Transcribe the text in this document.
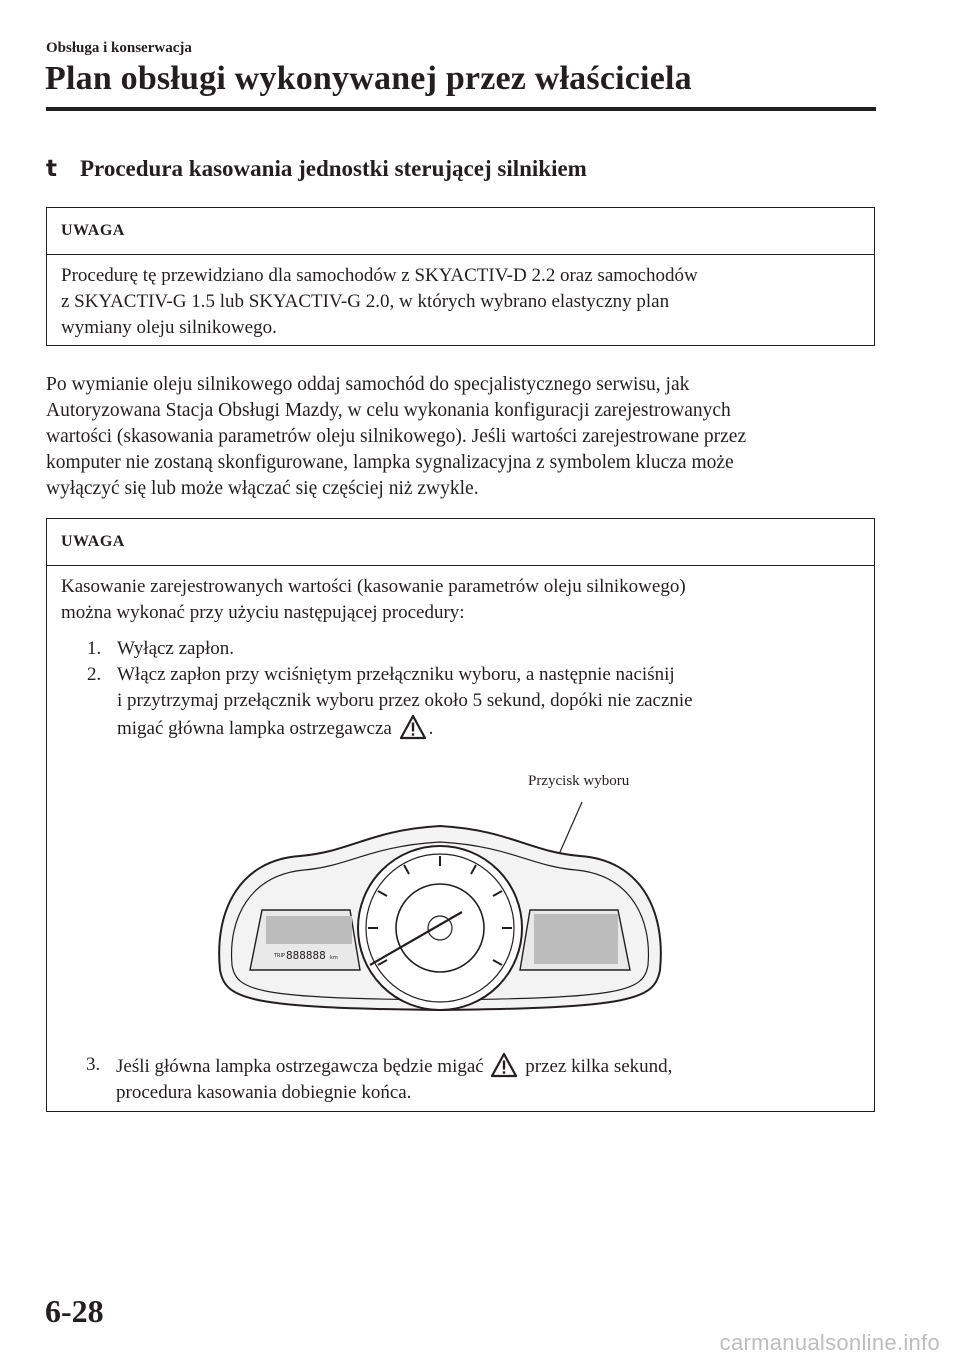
Obsługa i konserwacja
Plan obsługi wykonywanej przez właściciela
t Procedura kasowania jednostki sterującej silnikiem
UWAGA
Procedurę tę przewidziano dla samochodów z SKYACTIV-D 2.2 oraz samochodów
z SKYACTIV-G 1.5 lub SKYACTIV-G 2.0, w których wybrano elastyczny plan
wymiany oleju silnikowego.
Po wymianie oleju silnikowego oddaj samochód do specjalistycznego serwisu, jak
Autoryzowana Stacja Obsługi Mazdy, w celu wykonania konfiguracji zarejestrowanych
wartości (skasowania parametrów oleju silnikowego). Jeśli wartości zarejestrowane przez
komputer nie zostaną skonfigurowane, lampka sygnalizacyjna z symbolem klucza może
wyłączyć się lub może włączać się częściej niż zwykle.
UWAGA
Kasowanie zarejestrowanych wartości (kasowanie parametrów oleju silnikowego)
można wykonać przy użyciu następującej procedury:
1. Wyłącz zapłon.
2. Włącz zapłon przy wciśniętym przełączniku wyboru, a następnie naciśnij
i przytrzymaj przełącznik wyboru przez około 5 sekund, dopóki nie zacznie
migać główna lampka ostrzegawcza .
Przycisk wyboru
TRIP 888888 km
3. Jeśli główna lampka ostrzegawcza będzie migać przez kilka sekund,
procedura kasowania dobiegnie końca.
6-28
carmanualsonline.info
